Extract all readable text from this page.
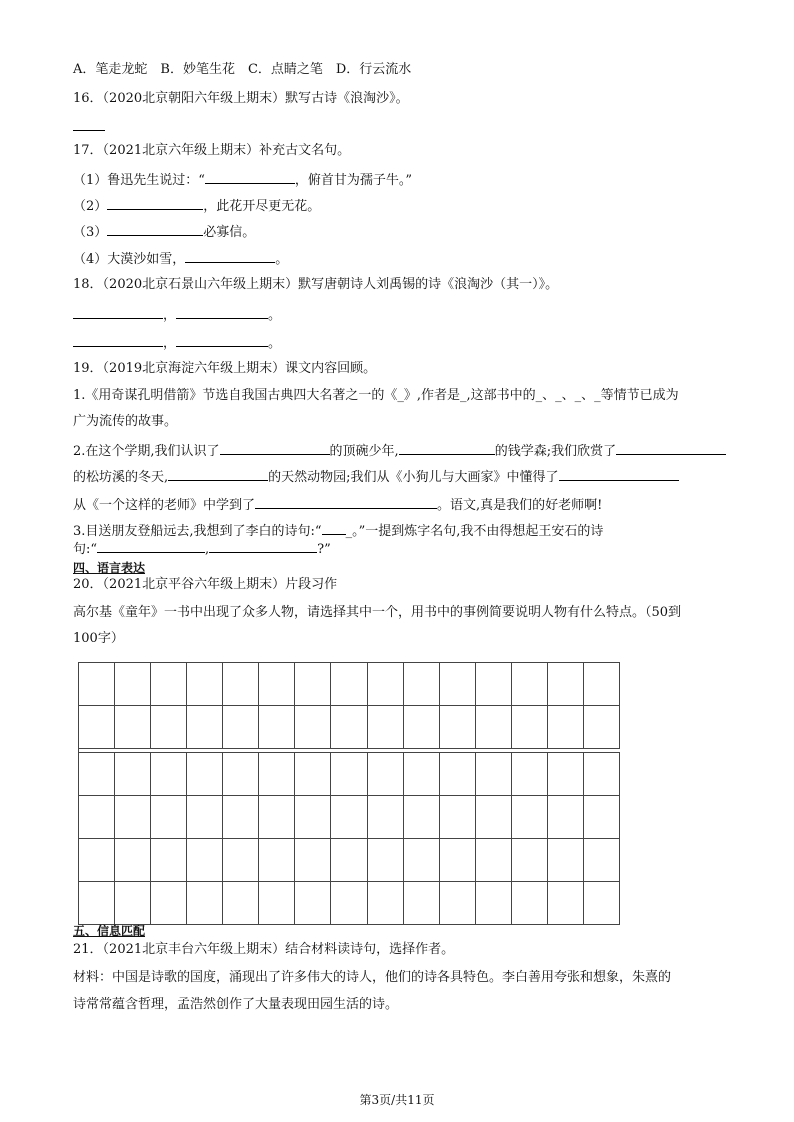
A．笔走龙蛇　B．妙笔生花　C．点睛之笔　D．行云流水
16．（2020北京朝阳六年级上期末）默写古诗《浪淘沙》。
17．（2021北京六年级上期末）补充古文名句。
（1）鲁迅先生说过：“	，俯首甘为孺子牛。”
（2）	，此花开尽更无花。
（3）	必寡信。
（4）大漠沙如雪，	。
18．（2020北京石景山六年级上期末）默写唐朝诗人刘禹锡的诗《浪淘沙（其一）》。
，	。
，	。
19．（2019北京海淀六年级上期末）课文内容回顾。
1.《用奇谋孔明借箭》节选自我国古典四大名著之一的《_》,作者是_,这部书中的_、_、_、_等情节已成为
广为流传的故事。
2.在这个学期,我们认识了	的顶碗少年,	的钱学森;我们欣赏了
的松坊溪的冬天,	的天然动物园;我们从《小狗儿与大画家》中懂得了
从《一个这样的老师》中学到了	。语文,真是我们的好老师啊!
3.目送朋友登船远去,我想到了李白的诗句:“ _。”一提到炼字名句,我不由得想起王安石的诗
句:“	,	?”
四、语言表达
20．（2021北京平谷六年级上期末）片段习作
高尔基《童年》一书中出现了众多人物，请选择其中一个，用书中的事例简要说明人物有什么特点。（50到
100字）
五、信息匹配
21．（2021北京丰台六年级上期末）结合材料读诗句，选择作者。
材料：中国是诗歌的国度，涌现出了许多伟大的诗人，他们的诗各具特色。李白善用夸张和想象，朱熹的
诗常常蕴含哲理，孟浩然创作了大量表现田园生活的诗。
第3页/共11页
